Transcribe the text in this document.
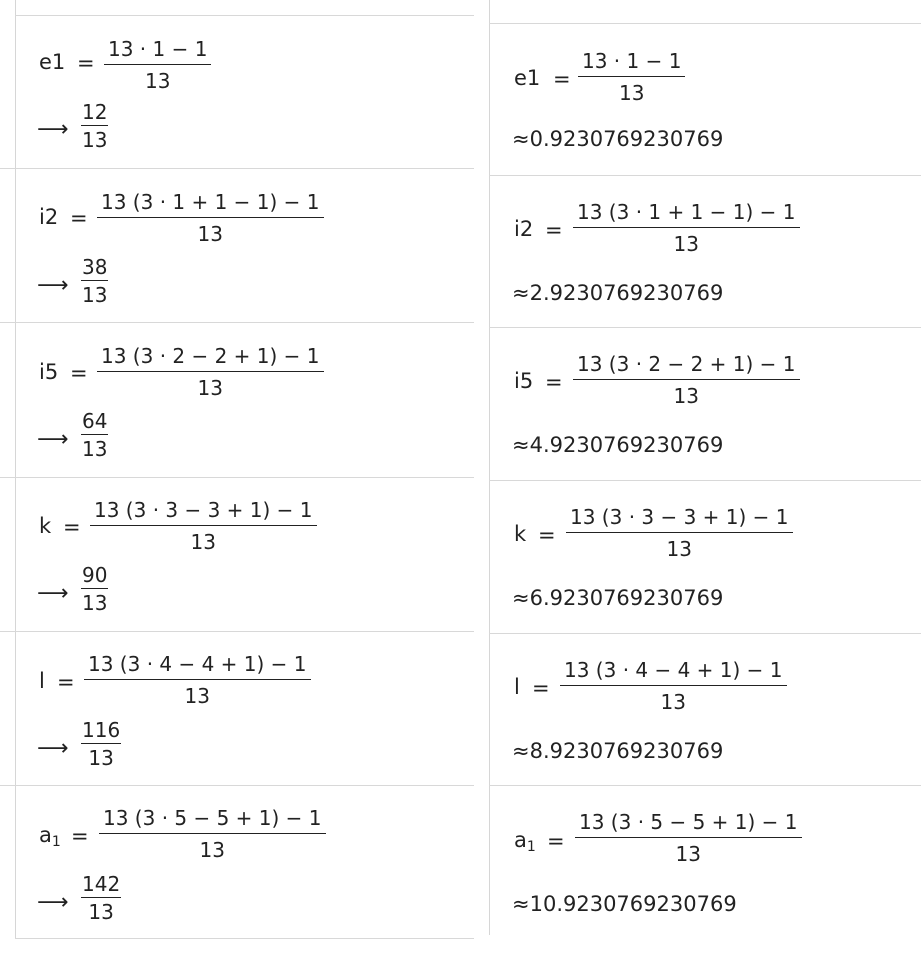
$e1 = \frac{13 \cdot 1 - 1}{13}$
⟶ $\frac{12}{13}$
$i2 = \frac{13 (3 \cdot 1 + 1 - 1) - 1}{13}$
⟶ $\frac{38}{13}$
$i5 = \frac{13 (3 \cdot 2 - 2 + 1) - 1}{13}$
⟶ $\frac{64}{13}$
$k = \frac{13 (3 \cdot 3 - 3 + 1) - 1}{13}$
⟶ $\frac{90}{13}$
$l = \frac{13 (3 \cdot 4 - 4 + 1) - 1}{13}$
⟶ $\frac{116}{13}$
$a_1 = \frac{13 (3 \cdot 5 - 5 + 1) - 1}{13}$
⟶ $\frac{142}{13}$
$e1 = \frac{13 \cdot 1 - 1}{13}$
≈0.9230769230769
$i2 = \frac{13 (3 \cdot 1 + 1 - 1) - 1}{13}$
≈2.9230769230769
$i5 = \frac{13 (3 \cdot 2 - 2 + 1) - 1}{13}$
≈4.9230769230769
$k = \frac{13 (3 \cdot 3 - 3 + 1) - 1}{13}$
≈6.9230769230769
$l = \frac{13 (3 \cdot 4 - 4 + 1) - 1}{13}$
≈8.9230769230769
$a_1 = \frac{13 (3 \cdot 5 - 5 + 1) - 1}{13}$
≈10.9230769230769
